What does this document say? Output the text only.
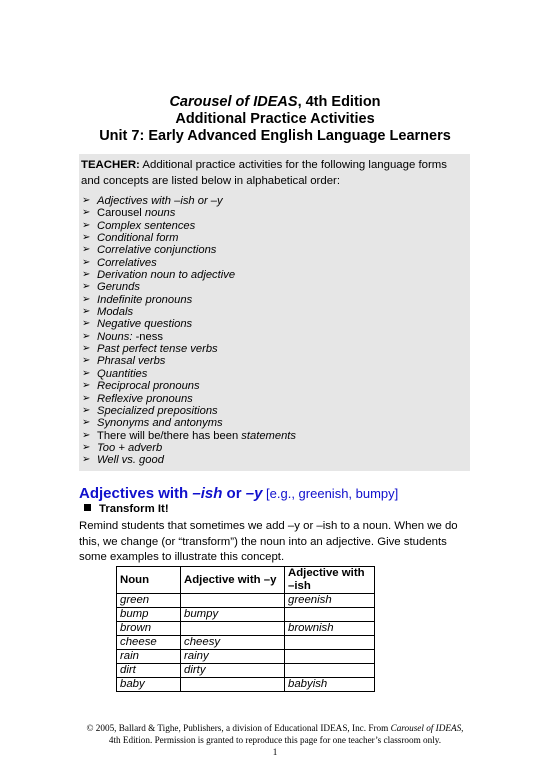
Carousel of IDEAS, 4th Edition
Additional Practice Activities
Unit 7: Early Advanced English Language Learners
TEACHER: Additional practice activities for the following language forms and concepts are listed below in alphabetical order:
➢ Adjectives with –ish or –y
➢ Carousel nouns
➢ Complex sentences
➢ Conditional form
➢ Correlative conjunctions
➢ Correlatives
➢ Derivation noun to adjective
➢ Gerunds
➢ Indefinite pronouns
➢ Modals
➢ Negative questions
➢ Nouns: -ness
➢ Past perfect tense verbs
➢ Phrasal verbs
➢ Quantities
➢ Reciprocal pronouns
➢ Reflexive pronouns
➢ Specialized prepositions
➢ Synonyms and antonyms
➢ There will be/there has been statements
➢ Too + adverb
➢ Well vs. good
Adjectives with –ish or –y [e.g., greenish, bumpy]
Transform It!
Remind students that sometimes we add –y or –ish to a noun. When we do this, we change (or “transform”) the noun into an adjective. Give students some examples to illustrate this concept.
Noun	Adjective with –y	Adjective with –ish
green		greenish
bump	bumpy	
brown		brownish
cheese	cheesy	
rain	rainy	
dirt	dirty	
baby		babyish
© 2005, Ballard & Tighe, Publishers, a division of Educational IDEAS, Inc. From Carousel of IDEAS,
4th Edition. Permission is granted to reproduce this page for one teacher’s classroom only.
1
